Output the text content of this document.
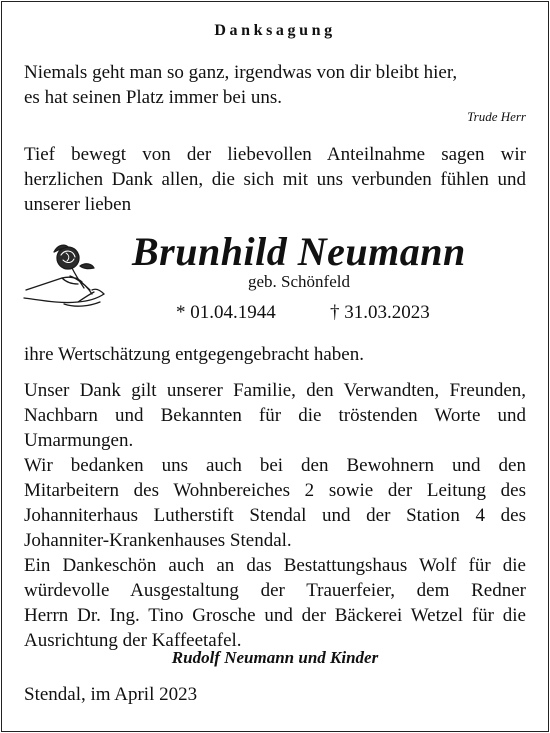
Danksagung
Niemals geht man so ganz, irgendwas von dir bleibt hier,
es hat seinen Platz immer bei uns.
Trude Herr
Tief bewegt von der liebevollen Anteilnahme sagen wir
herzlichen Dank allen, die sich mit uns verbunden fühlen und
unserer lieben
Brunhild Neumann
geb. Schönfeld
* 01.04.1944	† 31.03.2023
ihre Wertschätzung entgegengebracht haben.
Unser Dank gilt unserer Familie, den Verwandten, Freunden,
Nachbarn und Bekannten für die tröstenden Worte und
Umarmungen.
Wir bedanken uns auch bei den Bewohnern und den
Mitarbeitern des Wohnbereiches 2 sowie der Leitung des
Johanniterhaus Lutherstift Stendal und der Station 4 des
Johanniter-Krankenhauses Stendal.
Ein Dankeschön auch an das Bestattungshaus Wolf für die
würdevolle Ausgestaltung der Trauerfeier, dem Redner
Herrn Dr. Ing. Tino Grosche und der Bäckerei Wetzel für die
Ausrichtung der Kaffeetafel.
Rudolf Neumann und Kinder
Stendal, im April 2023
